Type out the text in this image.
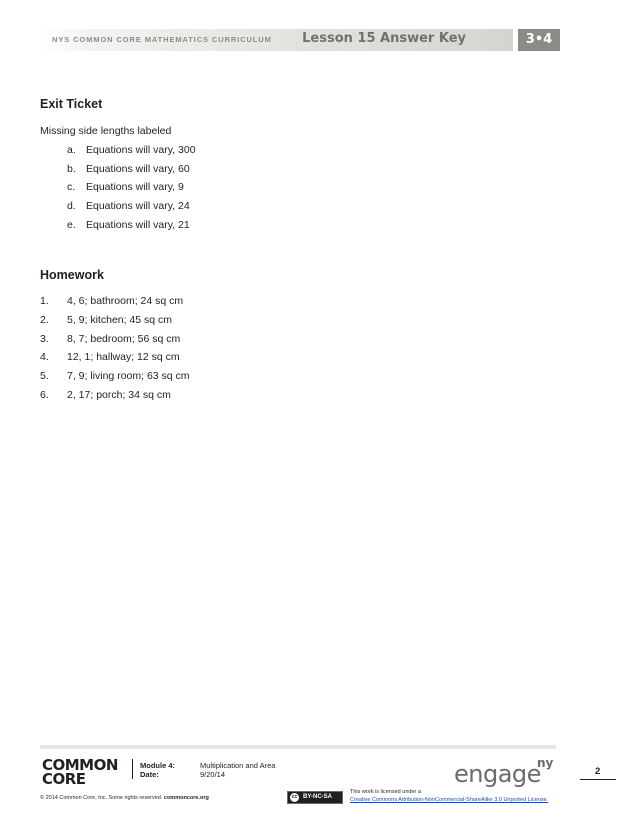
NYS COMMON CORE MATHEMATICS CURRICULUM Lesson 15 Answer Key	3•4
Exit Ticket
Missing side lengths labeled
a. Equations will vary, 300
b. Equations will vary, 60
c. Equations will vary, 9
d. Equations will vary, 24
e. Equations will vary, 21
Homework
1. 4, 6; bathroom; 24 sq cm
2. 5, 9; kitchen; 45 sq cm
3. 8, 7; bedroom; 56 sq cm
4. 12, 1; hallway; 12 sq cm
5. 7, 9; living room; 63 sq cm
6. 2, 17; porch; 34 sq cm
COMMON
CORE
Module 4:	Multiplication and Area
Date:	9/20/14	engage
ny
2
© 2014 Common Core, Inc. Some rights reserved. commoncore.org	cc BY-NC-SA
This work is licensed under a
Creative Commons Attribution-NonCommercial-ShareAlike 3.0 Unported License.
